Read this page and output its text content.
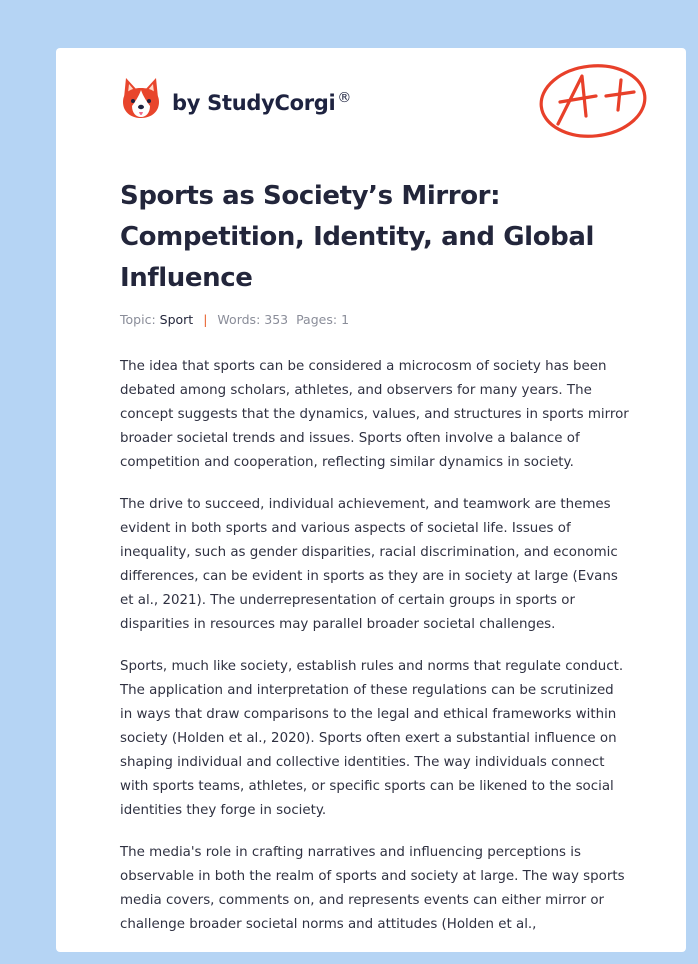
by StudyCorgi ®
Sports as Society’s Mirror: Competition, Identity, and Global Influence
Topic: Sport | Words: 353 Pages: 1

The idea that sports can be considered a microcosm of society has been debated among scholars, athletes, and observers for many years. The concept suggests that the dynamics, values, and structures in sports mirror broader societal trends and issues. Sports often involve a balance of competition and cooperation, reflecting similar dynamics in society.

The drive to succeed, individual achievement, and teamwork are themes evident in both sports and various aspects of societal life. Issues of inequality, such as gender disparities, racial discrimination, and economic differences, can be evident in sports as they are in society at large (Evans et al., 2021). The underrepresentation of certain groups in sports or disparities in resources may parallel broader societal challenges.

Sports, much like society, establish rules and norms that regulate conduct. The application and interpretation of these regulations can be scrutinized in ways that draw comparisons to the legal and ethical frameworks within society (Holden et al., 2020). Sports often exert a substantial influence on shaping individual and collective identities. The way individuals connect with sports teams, athletes, or specific sports can be likened to the social identities they forge in society.

The media's role in crafting narratives and influencing perceptions is observable in both the realm of sports and society at large. The way sports media covers, comments on, and represents events can either mirror or challenge broader societal norms and attitudes (Holden et al.,
